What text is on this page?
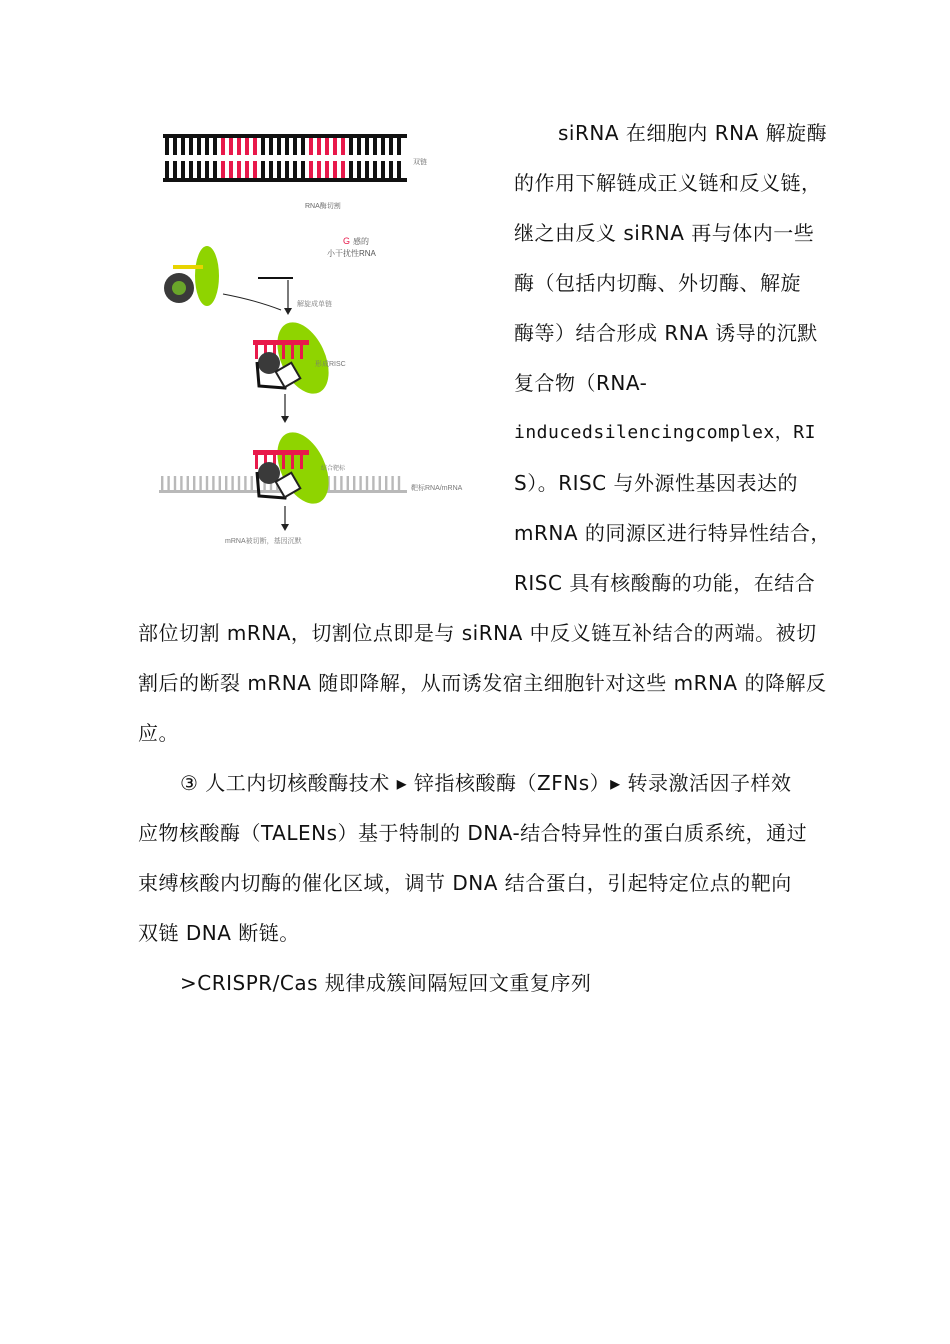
双链
RNA酶切割
G 感的
小干扰性RNA
解旋成单链
形成RISC
结合靶标
靶标RNA/mRNA
mRNA被切断，基因沉默
siRNA 在细胞内 RNA 解旋酶
的作用下解链成正义链和反义链，
继之由反义 siRNA 再与体内一些
酶（包括内切酶、外切酶、解旋
酶等）结合形成 RNA 诱导的沉默
复合物（RNA-
inducedsilencingcomplex，RI
S）。RISC 与外源性基因表达的
mRNA 的同源区进行特异性结合，
RISC 具有核酸酶的功能，在结合
部位切割 mRNA，切割位点即是与 siRNA 中反义链互补结合的两端。被切
割后的断裂 mRNA 随即降解，从而诱发宿主细胞针对这些 mRNA 的降解反
应。
③ 人工内切核酸酶技术 ▸ 锌指核酸酶（ZFNs）▸ 转录激活因子样效
应物核酸酶（TALENs）基于特制的 DNA-结合特异性的蛋白质系统，通过
束缚核酸内切酶的催化区域，调节 DNA 结合蛋白，引起特定位点的靶向
双链 DNA 断链。
>CRISPR/Cas 规律成簇间隔短回文重复序列
